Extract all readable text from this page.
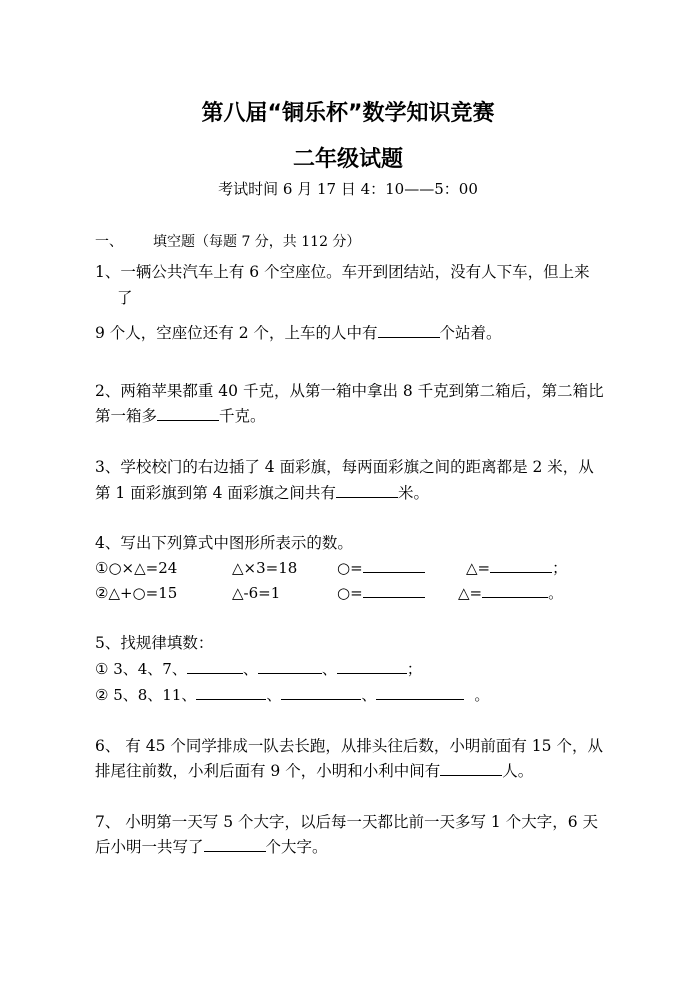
第八届“铜乐杯”数学知识竞赛
二年级试题
考试时间 6 月 17 日 4：10——5：00
一、 填空题（每题 7 分，共 112 分）
1、一辆公共汽车上有 6 个空座位。车开到团结站，没有人下车，但上来
了
9 个人，空座位还有 2 个，上车的人中有	个站着。
2、两箱苹果都重 40 千克，从第一箱中拿出 8 千克到第二箱后，第二箱比
第一箱多	千克。
3、学校校门的右边插了 4 面彩旗，每两面彩旗之间的距离都是 2 米，从
第 1 面彩旗到第 4 面彩旗之间共有	米。
4、写出下列算式中图形所表示的数。
①○×△=24	△×3=18	○=	△=	；
②△+○=15	△-6=1	○=	△=	。
5、找规律填数：
① 3、4、7、	、	、	；
② 5、8、11、	、	、	。
6、 有 45 个同学排成一队去长跑，从排头往后数，小明前面有 15 个，从
排尾往前数，小利后面有 9 个，小明和小利中间有	人。
7、 小明第一天写 5 个大字，以后每一天都比前一天多写 1 个大字，6 天
后小明一共写了	个大字。
